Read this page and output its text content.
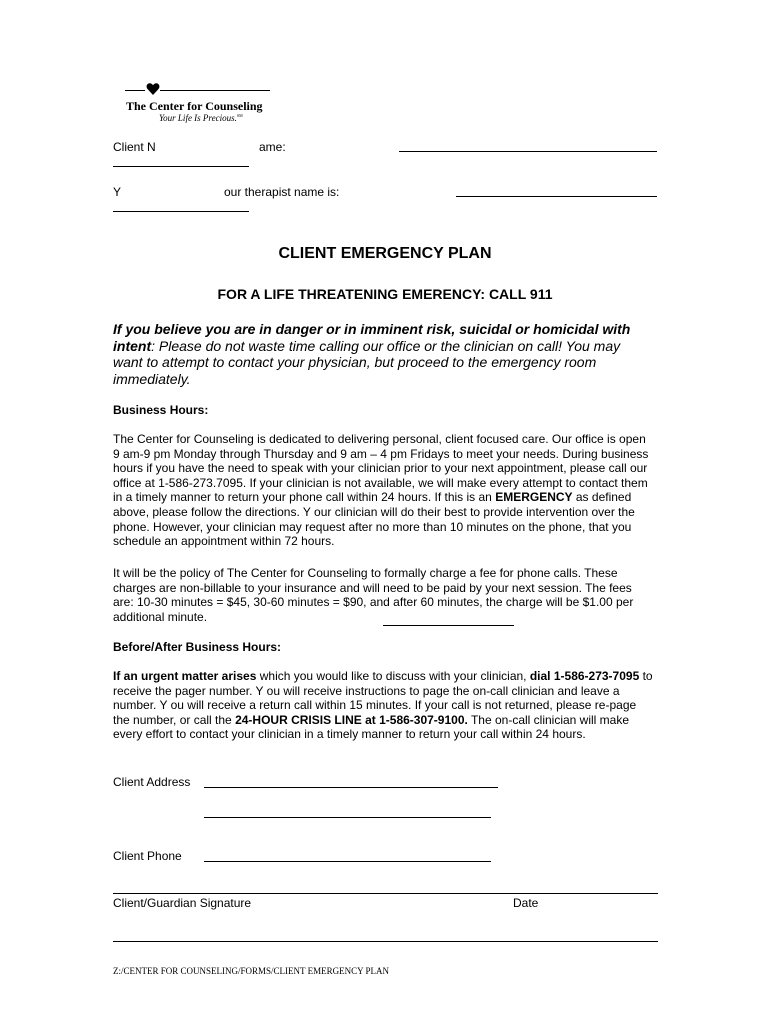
The Center for Counseling
Your Life Is Precious.℠
Client N	ame:
Y	our therapist name is:
CLIENT EMERGENCY PLAN
FOR A LIFE THREATENING EMERENCY: CALL 911
If you believe you are in danger or in imminent risk, suicidal or homicidal with intent: Please do not waste time calling our office or the clinician on call! You may want to attempt to contact your physician, but proceed to the emergency room immediately.
Business Hours:
The Center for Counseling is dedicated to delivering personal, client focused care. Our office is open 9 am-9 pm Monday through Thursday and 9 am – 4 pm Fridays to meet your needs. During business hours if you have the need to speak with your clinician prior to your next appointment, please call our office at 1-586-273.7095. If your clinician is not available, we will make every attempt to contact them in a timely manner to return your phone call within 24 hours. If this is an EMERGENCY as defined above, please follow the directions. Y our clinician will do their best to provide intervention over the phone. However, your clinician may request after no more than 10 minutes on the phone, that you schedule an appointment within 72 hours.
It will be the policy of The Center for Counseling to formally charge a fee for phone calls. These charges are non-billable to your insurance and will need to be paid by your next session. The fees are: 10-30 minutes = $45, 30-60 minutes = $90, and after 60 minutes, the charge will be $1.00 per additional minute.
Before/After Business Hours:
If an urgent matter arises which you would like to discuss with your clinician, dial 1-586-273-7095 to receive the pager number. Y ou will receive instructions to page the on-call clinician and leave a number. Y ou will receive a return call within 15 minutes. If your call is not returned, please re-page the number, or call the 24-HOUR CRISIS LINE at 1-586-307-9100. The on-call clinician will make every effort to contact your clinician in a timely manner to return your call within 24 hours.
Client Address
Client Phone
Client/Guardian Signature	Date
Z:/CENTER FOR COUNSELING/FORMS/CLIENT EMERGENCY PLAN
